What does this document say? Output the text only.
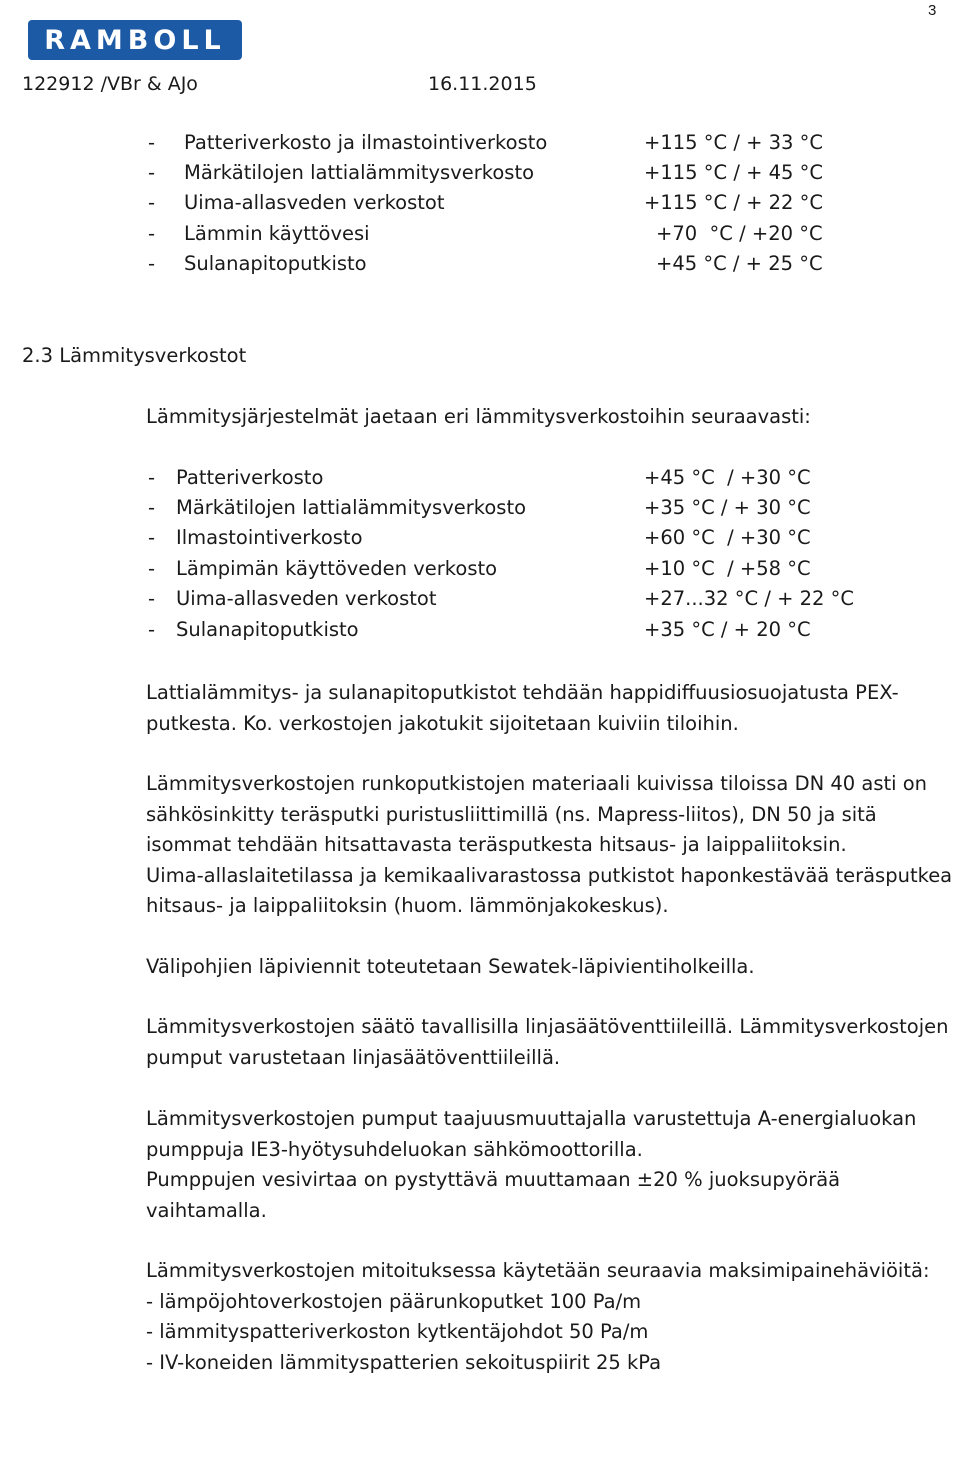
RAMBOLL
3
122912 /VBr & AJo	16.11.2015
- Patteriverkosto ja ilmastointiverkosto	+115 °C / + 33 °C
- Märkätilojen lattialämmitysverkosto	+115 °C / + 45 °C
- Uima-allasveden verkostot	+115 °C / + 22 °C
- Lämmin käyttövesi	+70  °C / +20 °C
- Sulanapitoputkisto	+45 °C / + 25 °C
2.3 Lämmitysverkostot
Lämmitysjärjestelmät jaetaan eri lämmitysverkostoihin seuraavasti:
- Patteriverkosto	+45 °C  / +30 °C
- Märkätilojen lattialämmitysverkosto	+35 °C / + 30 °C
- Ilmastointiverkosto	+60 °C  / +30 °C
- Lämpimän käyttöveden verkosto	+10 °C  / +58 °C
- Uima-allasveden verkostot	+27...32 °C / + 22 °C
- Sulanapitoputkisto	+35 °C / + 20 °C
Lattialämmitys- ja sulanapitoputkistot tehdään happidiffuusiosuojatusta PEX-
putkesta. Ko. verkostojen jakotukit sijoitetaan kuiviin tiloihin.
Lämmitysverkostojen runkoputkistojen materiaali kuivissa tiloissa DN 40 asti on
sähkösinkitty teräsputki puristusliittimillä (ns. Mapress-liitos), DN 50 ja sitä
isommat tehdään hitsattavasta teräsputkesta hitsaus- ja laippaliitoksin.
Uima-allaslaitetilassa ja kemikaalivarastossa putkistot haponkestävää teräsputkea
hitsaus- ja laippaliitoksin (huom. lämmönjakokeskus).
Välipohjien läpiviennit toteutetaan Sewatek-läpivientiholkeilla.
Lämmitysverkostojen säätö tavallisilla linjasäätöventtiileillä. Lämmitysverkostojen
pumput varustetaan linjasäätöventtiileillä.
Lämmitysverkostojen pumput taajuusmuuttajalla varustettuja A-energialuokan
pumppuja IE3-hyötysuhdeluokan sähkömoottorilla.
Pumppujen vesivirtaa on pystyttävä muuttamaan ±20 % juoksupyörää
vaihtamalla.
Lämmitysverkostojen mitoituksessa käytetään seuraavia maksimipainehäviöitä:
- lämpöjohtoverkostojen päärunkoputket 100 Pa/m
- lämmityspatteriverkoston kytkentäjohdot 50 Pa/m
- IV-koneiden lämmityspatterien sekoituspiirit 25 kPa
